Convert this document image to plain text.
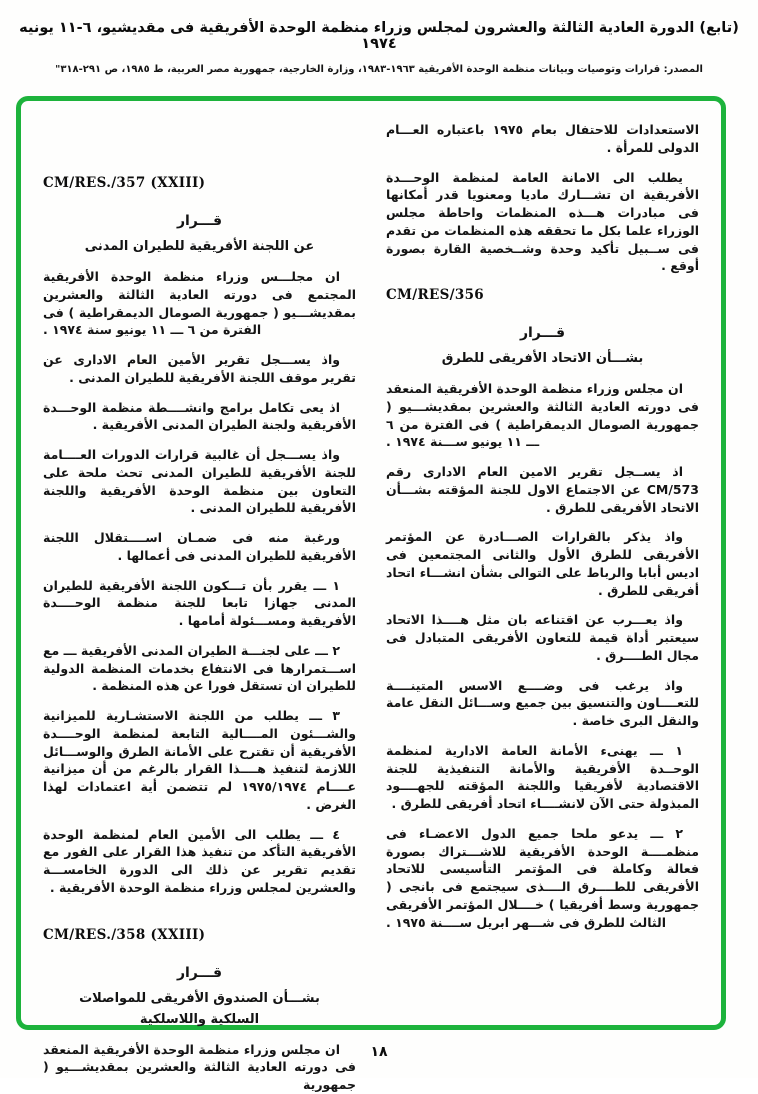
(تابع) الدورة العادية الثالثة والعشرون لمجلس وزراء منظمة الوحدة الأفريقية فى مقديشيو، ٦-١١ يونيه ١٩٧٤
المصدر: قرارات وتوصيات وبيانات منظمة الوحدة الأفريقية ١٩٦٣-١٩٨٣، وزارة الخارجية، جمهورية مصر العربية، ط ١٩٨٥، ص ٢٩١-٣١٨"

الاستعدادات للاحتفال بعام ١٩٧٥ باعتباره العـــام الدولى للمرأة .

يطلب الى الامانة العامة لمنظمة الوحـــدة الأفريقية ان تشـــارك ماديا ومعنويا قدر أمكانها فى مبادرات هـــذه المنظمات واحاطة مجلس الوزراء علما بكل ما تحققه هذه المنظمات من تقدم فى ســبيل تأكيد وحدة وشــخصية القارة بصورة أوقع .

CM/RES/356

قـــرار

بشـــأن الاتحاد الأفريقى للطرق

ان مجلس وزراء منظمة الوحدة الأفريقية المنعقد فى دورته العادية الثالثة والعشرين بمقديشـــيو ( جمهورية الصومال الديمقراطية ) فى الفترة من ٦ ـــ ١١ يونيو ســـنة ١٩٧٤ .

اذ يســجل تقرير الامين العام الادارى رقم CM/573 عن الاجتماع الاول للجنة المؤقته بشـــأن الاتحاد الأفريقى للطرق .

واذ يذكر بالقرارات الصـــادرة عن المؤتمر الأفريقى للطرق الأول والثانى المجتمعين فى اديس أبابا والرباط على التوالى بشأن انشـــاء اتحاد أفريقى للطرق .

واذ يعـــرب عن اقتناعه بان مثل هــــذا الاتحاد سيعتبر أداة قيمة للتعاون الأفريقى المتبادل فى مجال الطــــرق .

واذ يرغب فى وضــــع الاسس المتينــــة للتعــــاون والتنسيق بين جميع وســـائل النقل عامة والنقل البرى خاصة .

١ ـــ يهنىء الأمانة العامة الادارية لمنظمة الوحــدة الأفريقية والأمانة التنفيذية للجنة الاقتصادية لأفريقيا واللجنة المؤقته للجهــــود المبذولة حتى الآن لانشــــاء اتحاد أفريقى للطرق .

٢ ـــ يدعو ملحا جميع الدول الاعضـاء فى منظمــــة الوحدة الأفريقية للاشـــتراك بصورة فعالة وكاملة فى المؤتمر التأسيسى للاتحاد الأفريقى للطــــرق الــــذى سيجتمع فى بانجى ( جمهورية وسط أفريقيا ) خــــلال المؤتمر الأفريقى الثالث للطرق فى شـــهر ابريل ســــنة ١٩٧٥ .

CM/RES./357 (XXIII)

قـــرار

عن اللجنة الأفريقية للطيران المدنى

ان مجلـــس وزراء منظمة الوحدة الأفريقية المجتمع فى دورته العادية الثالثة والعشرين بمقديشـــيو ( جمهورية الصومال الديمقراطية ) فى الفترة من ٦ ـــ ١١ يونيو سنة ١٩٧٤ .

واذ يســـجل تقرير الأمين العام الادارى عن تقرير موقف اللجنة الأفريقية للطيران المدنى .

اذ يعى تكامل برامج وانشــــطة منظمة الوحـــدة الأفريقية ولجنة الطيران المدنى الأفريقية .

واذ يســـجل أن غالبية قرارات الدورات العــــامة للجنة الأفريقية للطيران المدنى تحث ملحة على التعاون بين منظمة الوحدة الأفريقية واللجنة الأفريقية للطيران المدنى .

ورغبة منه فى ضمـان اســــتقلال اللجنة الأفريقية للطيران المدنى فى أعمالها .

١ ـــ يقرر بأن تـــكون اللجنة الأفريقية للطيران المدنى جهازا تابعا للجنة منظمة الوحــــدة الأفريقية ومســـئولة أمامها .

٢ ـــ على لجنـــة الطيران المدنى الأفريقية ـــ مع اســـتمرارها فى الانتفاع بخدمات المنظمة الدولية للطيران ان تستقل فورا عن هذه المنظمة .

٣ ـــ يطلب من اللجنة الاستشـارية للميزانية والشـــئون المــــالية التابعة لمنظمة الوحــــدة الأفريقية أن تقترح على الأمانة الطرق والوســـائل اللازمة لتنفيذ هــــذا القرار بالرغم من أن ميزانية عــــام ١٩٧٥/١٩٧٤ لم تتضمن أية اعتمادات لهذا الغرض .

٤ ـــ يطلب الى الأمين العام لمنظمة الوحدة الأفريقية التأكد من تنفيذ هذا القرار على الفور مع تقديم تقرير عن ذلك الى الدورة الخامســـة والعشرين لمجلس وزراء منظمة الوحدة الأفريقية .

CM/RES./358 (XXIII)

قـــرار

بشـــأن الصندوق الأفريقى للمواصلات

السلكية واللاسلكية

ان مجلس وزراء منظمة الوحدة الأفريقية المنعقد فى دورته العادية الثالثة والعشرين بمقديشـــيو ( جمهورية

١٨
